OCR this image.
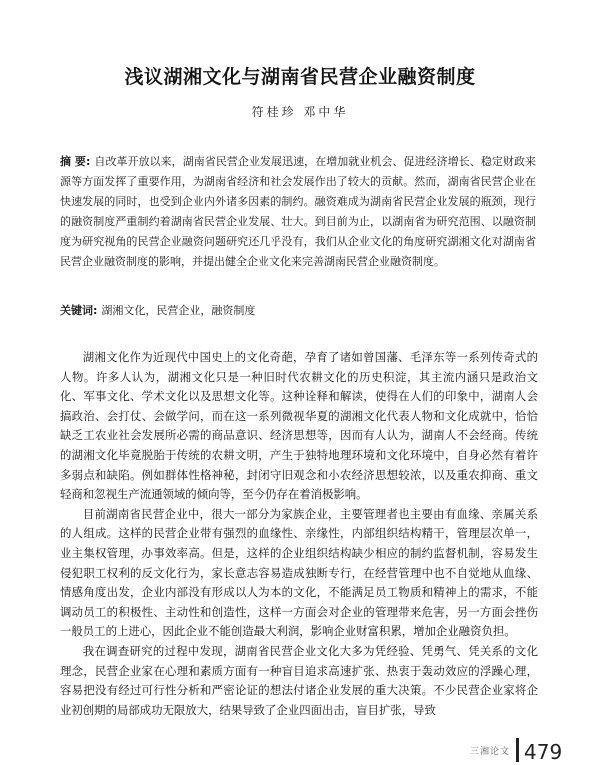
浅议湖湘文化与湖南省民营企业融资制度
符桂珍 邓中华
摘 要: 自改革开放以来，湖南省民营企业发展迅速，在增加就业机会、促进经济增长、稳定财政来源等方面发挥了重要作用，为湖南省经济和社会发展作出了较大的贡献。然而，湖南省民营企业在快速发展的同时，也受到企业内外诸多因素的制约。融资难成为湖南省民营企业发展的瓶颈，现行的融资制度严重制约着湖南省民营企业发展、壮大。到目前为止，以湖南省为研究范围、以融资制度为研究视角的民营企业融资问题研究还几乎没有，我们从企业文化的角度研究湖湘文化对湖南省民营企业融资制度的影响，并提出健全企业文化来完善湖南民营企业融资制度。
关键词: 湖湘文化，民营企业，融资制度

湖湘文化作为近现代中国史上的文化奇葩，孕育了诸如曾国藩、毛泽东等一系列传奇式的人物。许多人认为，湖湘文化只是一种旧时代农耕文化的历史积淀，其主流内涵只是政治文化、军事文化、学术文化以及思想文化等。这种诠释和解读，使得在人们的印象中，湖南人会搞政治、会打仗、会做学问，而在这一系列微视华夏的湖湘文化代表人物和文化成就中，恰恰缺乏工农业社会发展所必需的商品意识、经济思想等，因而有人认为，湖南人不会经商。传统的湖湘文化毕竟脱胎于传统的农耕文明，产生于独特地理环境和文化环境中，自身必然有着许多弱点和缺陷。例如群体性格神秘，封闭守旧观念和小农经济思想较浓，以及重农抑商、重文轻商和忽视生产流通领域的倾向等，至今仍存在着消极影响。

目前湖南省民营企业中，很大一部分为家族企业，主要管理者也主要由有血缘、亲属关系的人组成。这样的民营企业带有强烈的血缘性、亲缘性，内部组织结构精干，管理层次单一，业主集权管理，办事效率高。但是，这样的企业组织结构缺少相应的制约监督机制，容易发生侵犯职工权利的反文化行为，家长意志容易造成独断专行，在经营管理中也不自觉地从血缘、情感角度出发，企业内部没有形成以人为本的文化，不能满足员工物质和精神上的需求，不能调动员工的积极性、主动性和创造性，这样一方面会对企业的管理带来危害，另一方面会挫伤一般员工的上进心，因此企业不能创造最大利润，影响企业财富积累，增加企业融资负担。

我在调查研究的过程中发现，湖南省民营企业文化大多为凭经验、凭勇气、凭关系的文化理念，民营企业家在心理和素质方面有一种盲目追求高速扩张、热衷于轰动效应的浮躁心理，容易把没有经过可行性分析和严密论证的想法付诸企业发展的重大决策。不少民营企业家将企业初创期的局部成功无限放大，结果导致了企业四面出击，盲目扩张，导致

三湘论文 479
